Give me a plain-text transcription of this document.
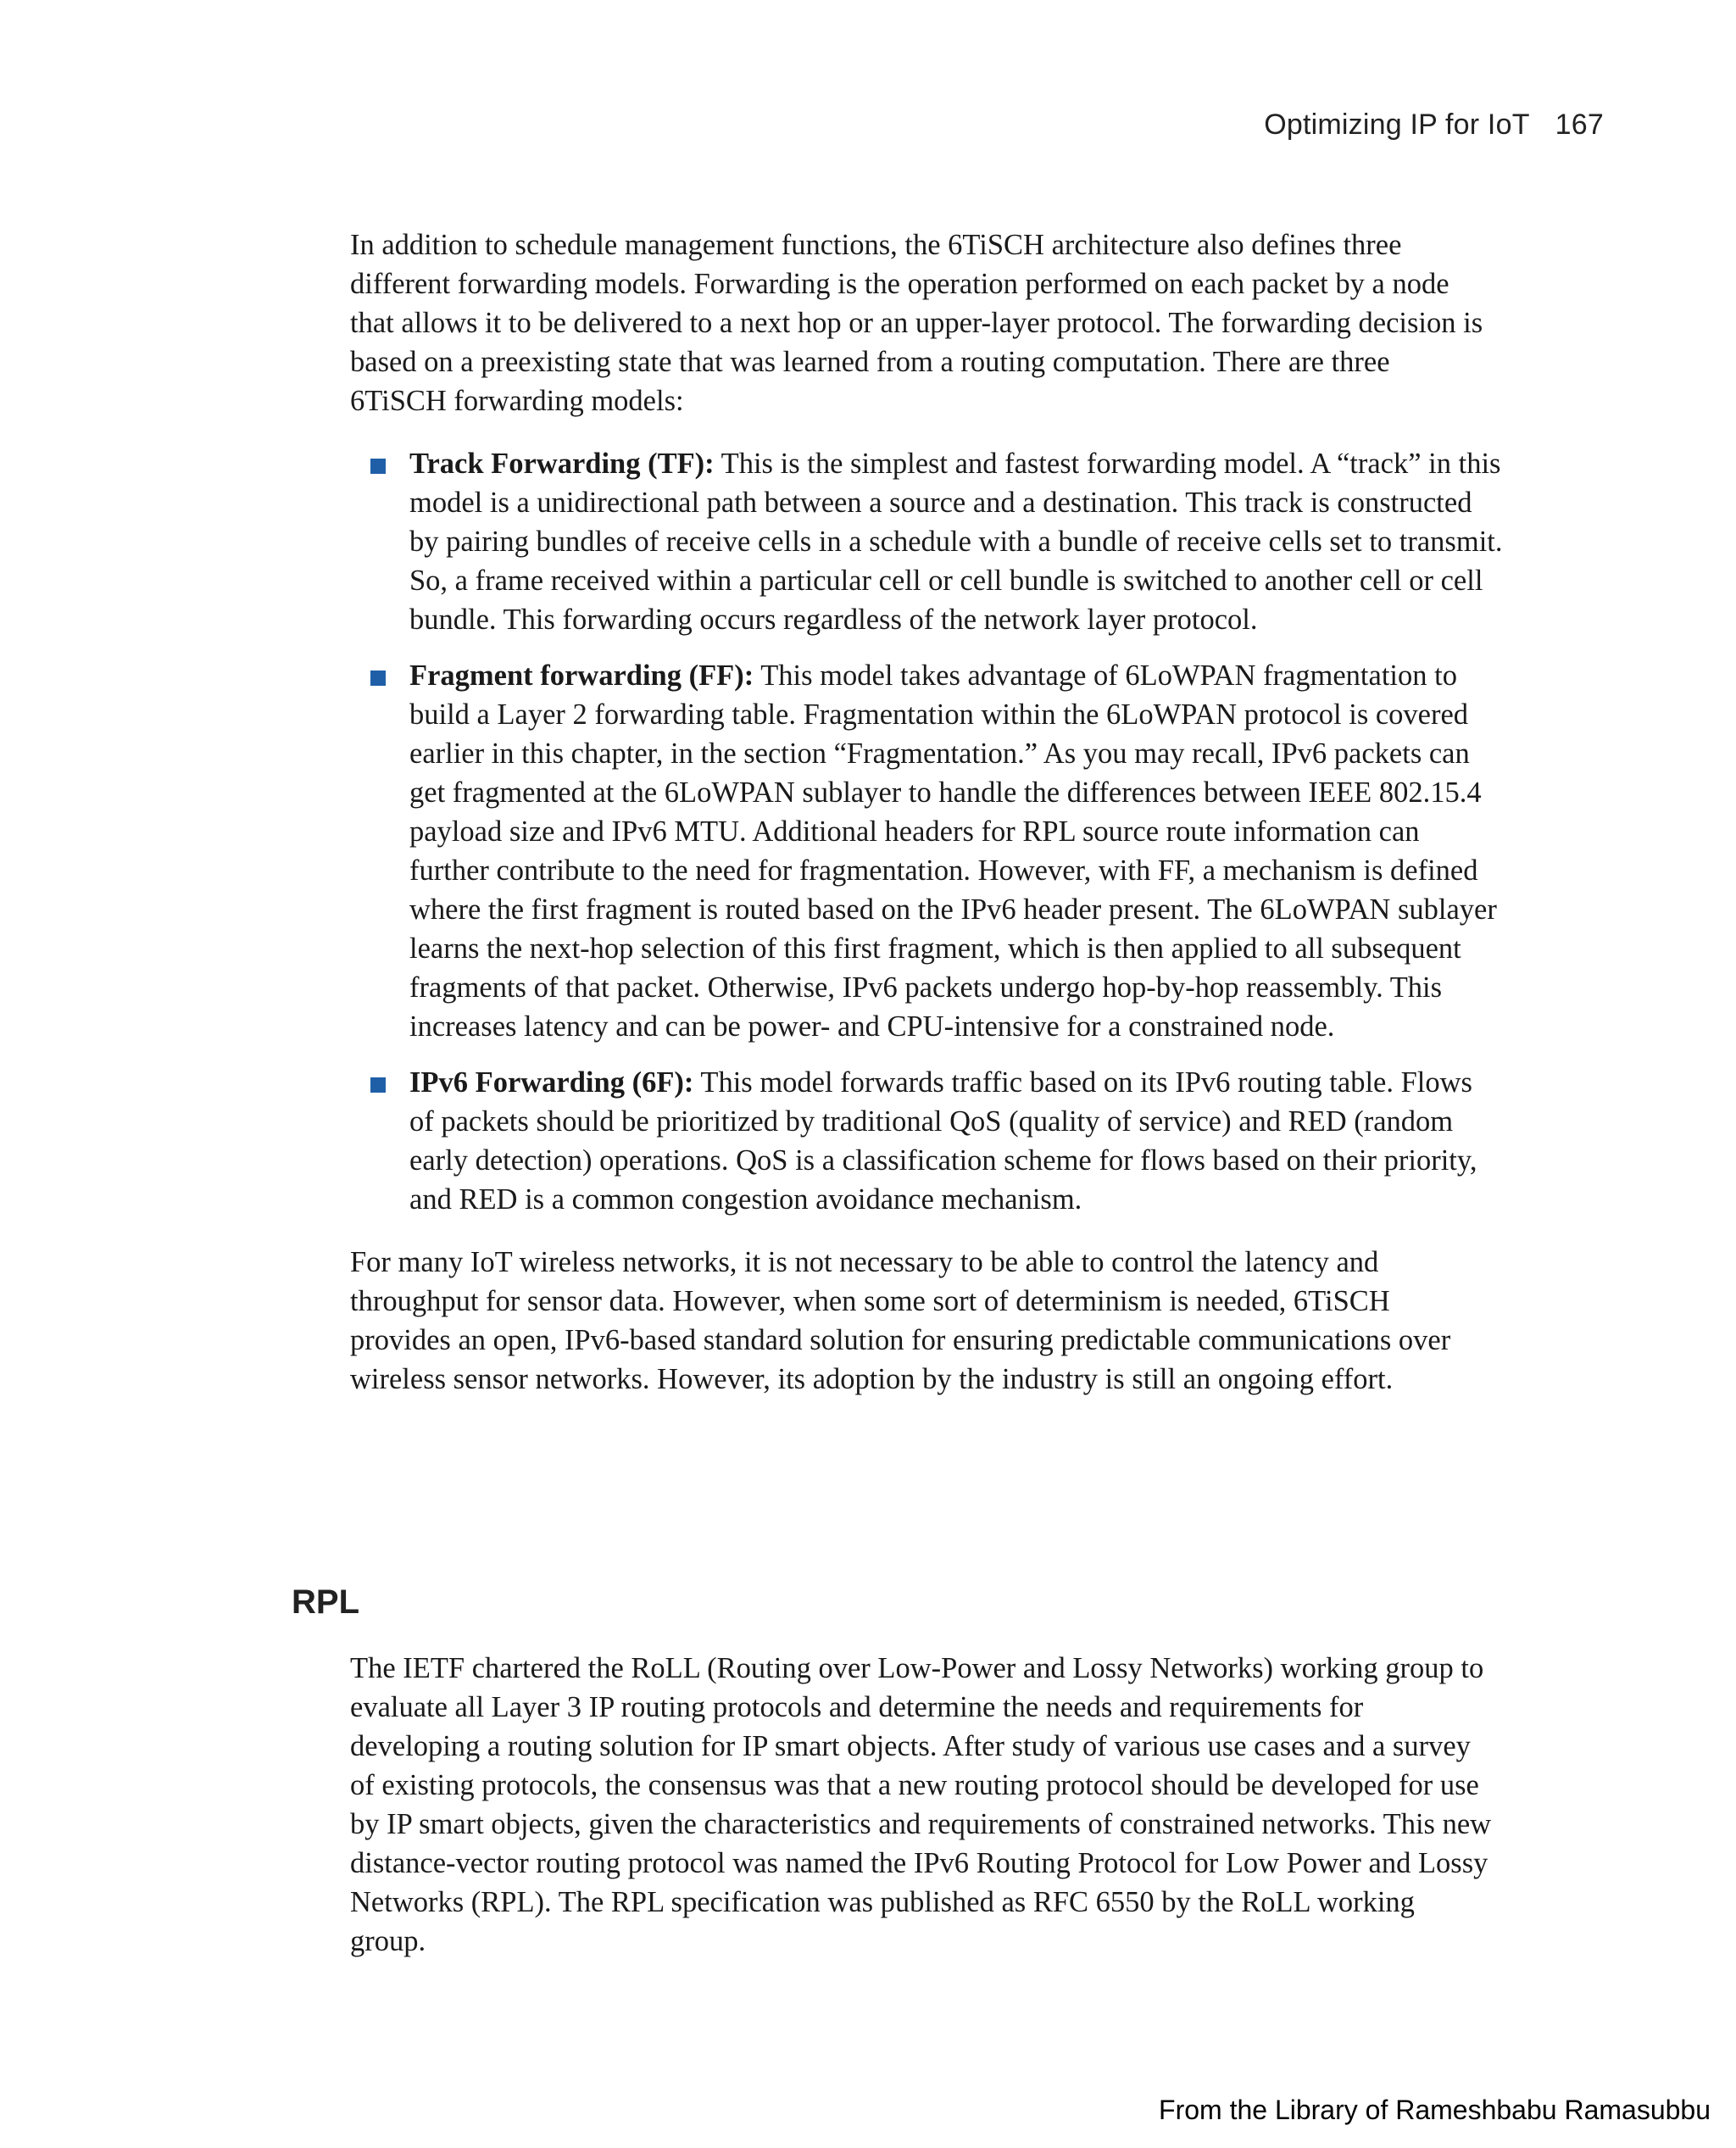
Optimizing IP for IoT 167

In addition to schedule management functions, the 6TiSCH architecture also defines three different forwarding models. Forwarding is the operation performed on each packet by a node that allows it to be delivered to a next hop or an upper-layer protocol. The forwarding decision is based on a preexisting state that was learned from a routing computation. There are three 6TiSCH forwarding models:

Track Forwarding (TF): This is the simplest and fastest forwarding model. A “track” in this model is a unidirectional path between a source and a destination. This track is constructed by pairing bundles of receive cells in a schedule with a bundle of receive cells set to transmit. So, a frame received within a particular cell or cell bundle is switched to another cell or cell bundle. This forwarding occurs regardless of the network layer protocol.
Fragment forwarding (FF): This model takes advantage of 6LoWPAN fragmentation to build a Layer 2 forwarding table. Fragmentation within the 6LoWPAN protocol is covered earlier in this chapter, in the section “Fragmentation.” As you may recall, IPv6 packets can get fragmented at the 6LoWPAN sublayer to handle the differences between IEEE 802.15.4 payload size and IPv6 MTU. Additional headers for RPL source route information can further contribute to the need for fragmentation. However, with FF, a mechanism is defined where the first fragment is routed based on the IPv6 header present. The 6LoWPAN sublayer learns the next-hop selection of this first fragment, which is then applied to all subsequent fragments of that packet. Otherwise, IPv6 packets undergo hop-by-hop reassembly. This increases latency and can be power- and CPU-intensive for a constrained node.
IPv6 Forwarding (6F): This model forwards traffic based on its IPv6 routing table. Flows of packets should be prioritized by traditional QoS (quality of service) and RED (random early detection) operations. QoS is a classification scheme for flows based on their priority, and RED is a common congestion avoidance mechanism.

For many IoT wireless networks, it is not necessary to be able to control the latency and throughput for sensor data. However, when some sort of determinism is needed, 6TiSCH provides an open, IPv6-based standard solution for ensuring predictable communications over wireless sensor networks. However, its adoption by the industry is still an ongoing effort.

RPL

The IETF chartered the RoLL (Routing over Low-Power and Lossy Networks) working group to evaluate all Layer 3 IP routing protocols and determine the needs and requirements for developing a routing solution for IP smart objects. After study of various use cases and a survey of existing protocols, the consensus was that a new routing protocol should be developed for use by IP smart objects, given the characteristics and requirements of constrained networks. This new distance-vector routing protocol was named the IPv6 Routing Protocol for Low Power and Lossy Networks (RPL). The RPL specification was published as RFC 6550 by the RoLL working group.

From the Library of Rameshbabu Ramasubbu
